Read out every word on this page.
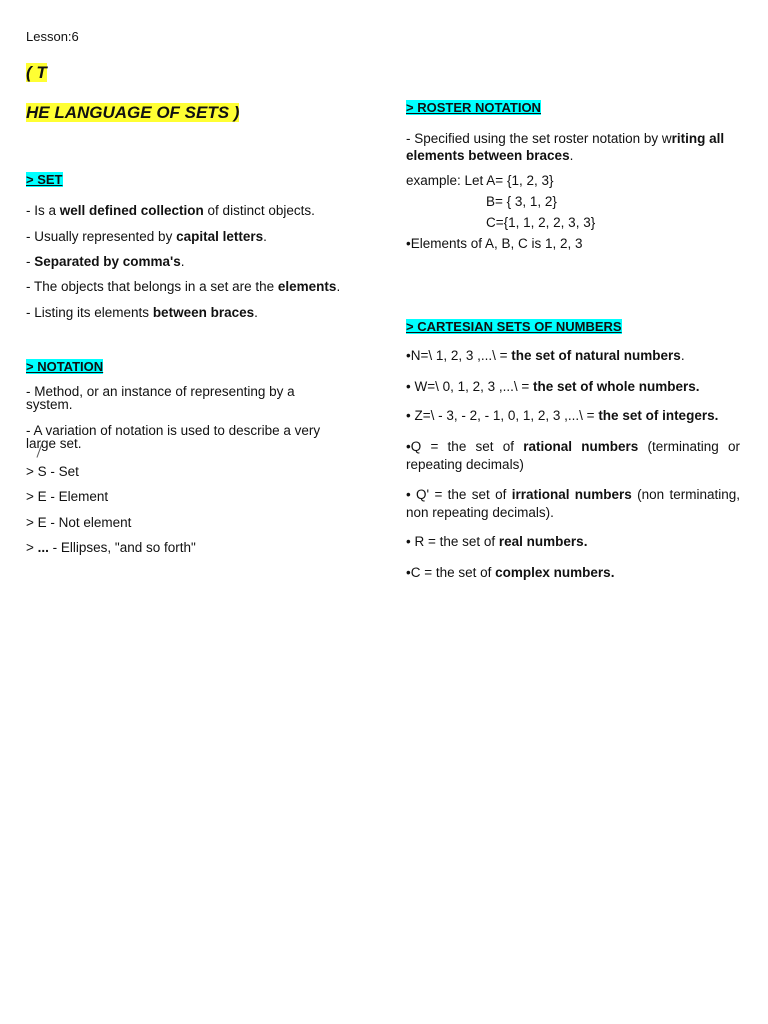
Lesson:6

( T

HE LANGUAGE OF SETS )

> SET

- Is a well defined collection of distinct objects.

- Usually represented by capital letters.

- Separated by comma's.

- The objects that belongs in a set are the elements.

- Listing its elements between braces.

> NOTATION

- Method, or an instance of representing by a system.

- A variation of notation is used to describe a very large set.

> S - Set

> E - Element

> E - Not element

> ... - Ellipses, "and so forth"

> ROSTER NOTATION

- Specified using the set roster notation by writing all elements between braces.

example: Let A= {1, 2, 3}

B= { 3, 1, 2}

C={1, 1, 2, 2, 3, 3}

•Elements of A, B, C is 1, 2, 3

> CARTESIAN SETS OF NUMBERS

•N=\ 1, 2, 3 ,...\ = the set of natural numbers.

• W=\ 0, 1, 2, 3 ,...\ = the set of whole numbers.

• Z=\ - 3, - 2, - 1, 0, 1, 2, 3 ,...\ = the set of integers.

•Q = the set of rational numbers (terminating or repeating decimals)

• Q' = the set of irrational numbers (non terminating, non repeating decimals).

• R = the set of real numbers.

•C = the set of complex numbers.
